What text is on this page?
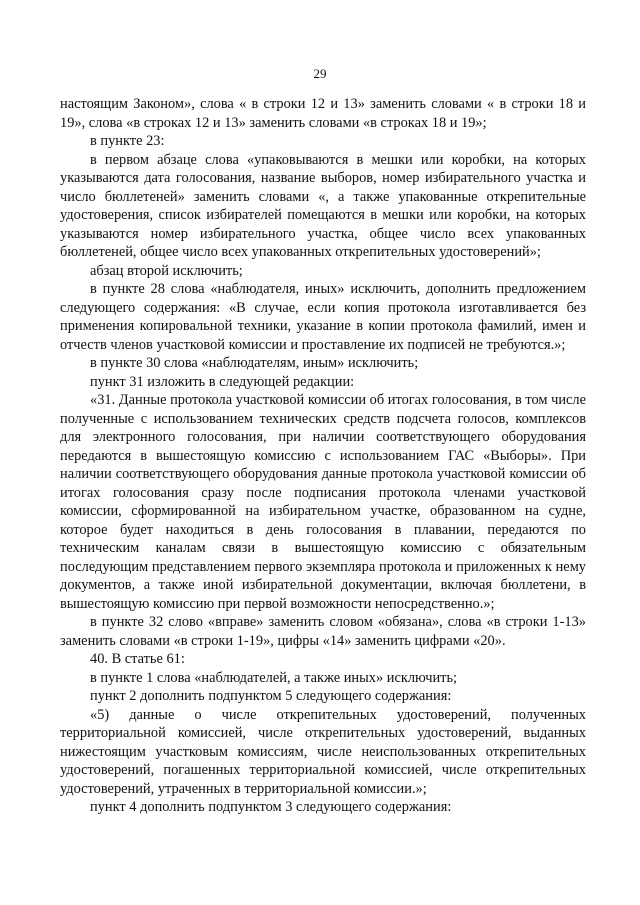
29

настоящим Законом», слова « в строки 12 и 13» заменить словами « в строки 18 и 19», слова «в строках 12 и 13» заменить словами «в строках 18 и 19»;

в пункте 23:

в первом абзаце слова «упаковываются в мешки или коробки, на которых указываются дата голосования, название выборов, номер избирательного участка и число бюллетеней» заменить словами «, а также упакованные открепительные удостоверения, список избирателей помещаются в мешки или коробки, на которых указываются номер избирательного участка, общее число всех упакованных бюллетеней, общее число всех упакованных открепительных удостоверений»;

абзац второй исключить;

в пункте 28 слова «наблюдателя, иных» исключить, дополнить предложением следующего содержания: «В случае, если копия протокола изготавливается без применения копировальной техники, указание в копии протокола фамилий, имен и отчеств членов участковой комиссии и проставление их подписей не требуются.»;

в пункте 30 слова «наблюдателям, иным» исключить;

пункт 31 изложить в следующей редакции:

«31. Данные протокола участковой комиссии об итогах голосования, в том числе полученные с использованием технических средств подсчета голосов, комплексов для электронного голосования, при наличии соответствующего оборудования передаются в вышестоящую комиссию с использованием ГАС «Выборы». При наличии соответствующего оборудования данные протокола участковой комиссии об итогах голосования сразу после подписания протокола членами участковой комиссии, сформированной на избирательном участке, образованном на судне, которое будет находиться в день голосования в плавании, передаются по техническим каналам связи в вышестоящую комиссию с обязательным последующим представлением первого экземпляра протокола и приложенных к нему документов, а также иной избирательной документации, включая бюллетени, в вышестоящую комиссию при первой возможности непосредственно.»;

в пункте 32 слово «вправе» заменить словом «обязана», слова «в строки 1-13» заменить словами «в строки 1-19», цифры «14» заменить цифрами «20».

40. В статье 61:

в пункте 1 слова «наблюдателей, а также иных» исключить;

пункт 2 дополнить подпунктом 5 следующего содержания:

«5) данные о числе открепительных удостоверений, полученных территориальной комиссией, числе открепительных удостоверений, выданных нижестоящим участковым комиссиям, числе неиспользованных открепительных удостоверений, погашенных территориальной комиссией, числе открепительных удостоверений, утраченных в территориальной комиссии.»;

пункт 4 дополнить подпунктом 3 следующего содержания:
